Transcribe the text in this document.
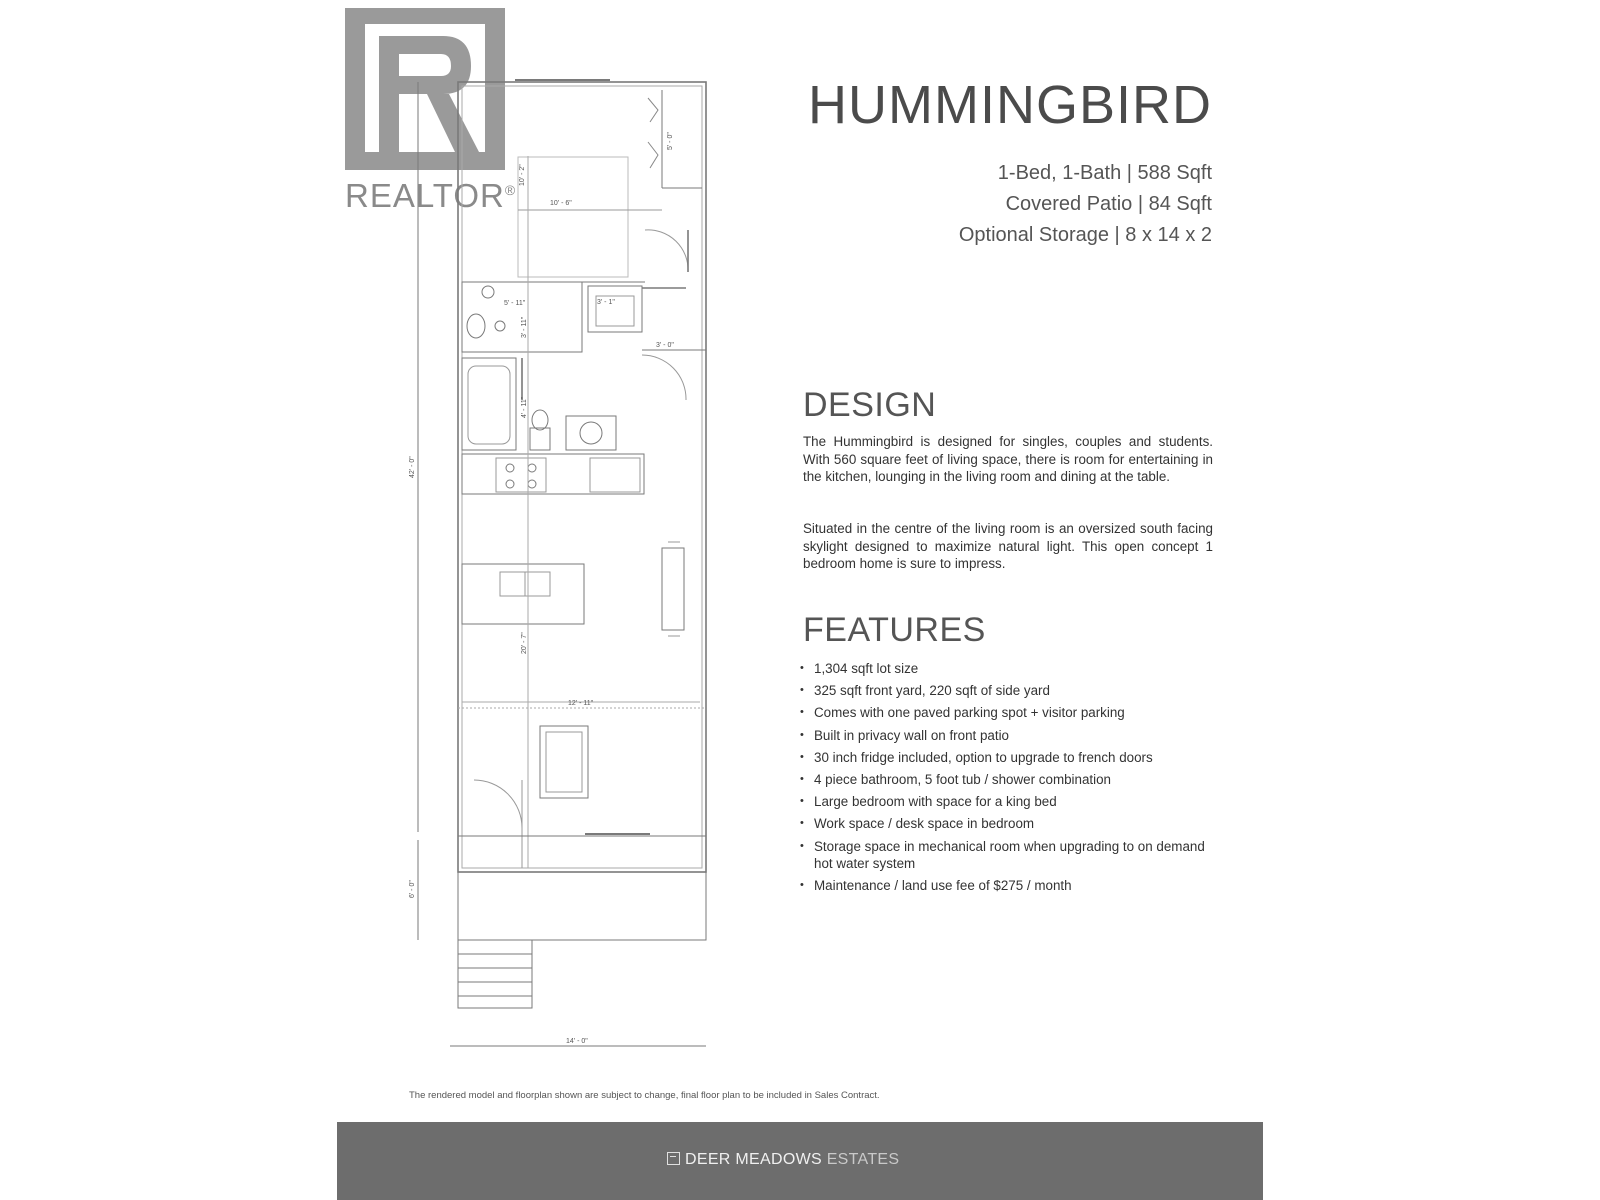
REALTOR®
10' - 6"
10' - 2"
5' - 0"
5' - 11"
3' - 11"
3' - 1"
3' - 0"
4' - 11"
12' - 11"
20' - 7"
42' - 0"
6' - 0"
14' - 0"
HUMMINGBIRD
1-Bed, 1-Bath | 588 Sqft
Covered Patio | 84 Sqft
Optional Storage | 8 x 14 x 2
DESIGN
The Hummingbird is designed for singles, couples and students. With 560 square feet of living space, there is room for entertaining in the kitchen, lounging in the living room and dining at the table.
Situated in the centre of the living room is an oversized south facing skylight designed to maximize natural light. This open concept 1 bedroom home is sure to impress.
FEATURES
• 1,304 sqft lot size
• 325 sqft front yard, 220 sqft of side yard
• Comes with one paved parking spot + visitor parking
• Built in privacy wall on front patio
• 30 inch fridge included, option to upgrade to french doors
• 4 piece bathroom, 5 foot tub / shower combination
• Large bedroom with space for a king bed
• Work space / desk space in bedroom
• Storage space in mechanical room when upgrading to on demand hot water system
• Maintenance / land use fee of $275 / month
The rendered model and floorplan shown are subject to change, final floor plan to be included in Sales Contract.
DEER MEADOWS ESTATES
